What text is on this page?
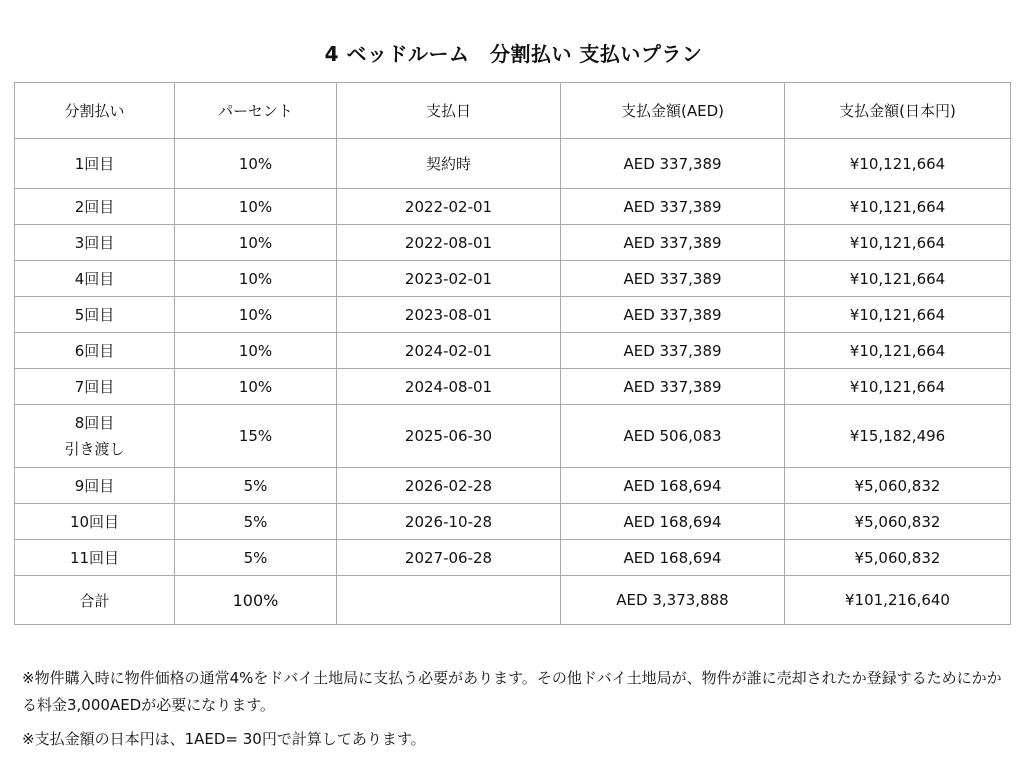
4 ベッドルーム　分割払い 支払いプラン
分割払い	パーセント	支払日	支払金額(AED)	支払金額(日本円)
1回目	10%	契約時	AED 337,389	¥10,121,664
2回目	10%	2022-02-01	AED 337,389	¥10,121,664
3回目	10%	2022-08-01	AED 337,389	¥10,121,664
4回目	10%	2023-02-01	AED 337,389	¥10,121,664
5回目	10%	2023-08-01	AED 337,389	¥10,121,664
6回目	10%	2024-02-01	AED 337,389	¥10,121,664
7回目	10%	2024-08-01	AED 337,389	¥10,121,664

8回目
引き渡し	15%	2025-06-30	AED 506,083	¥15,182,496
9回目	5%	2026-02-28	AED 168,694	¥5,060,832
10回目	5%	2026-10-28	AED 168,694	¥5,060,832
11回目	5%	2027-06-28	AED 168,694	¥5,060,832
合計	100%		AED 3,373,888	¥101,216,640

※物件購入時に物件価格の通常4%をドバイ土地局に支払う必要があります。その他ドバイ土地局が、物件が誰に売却されたか登録するためにかかる料金3,000AEDが必要になります。

※支払金額の日本円は、1AED= 30円で計算してあります。
